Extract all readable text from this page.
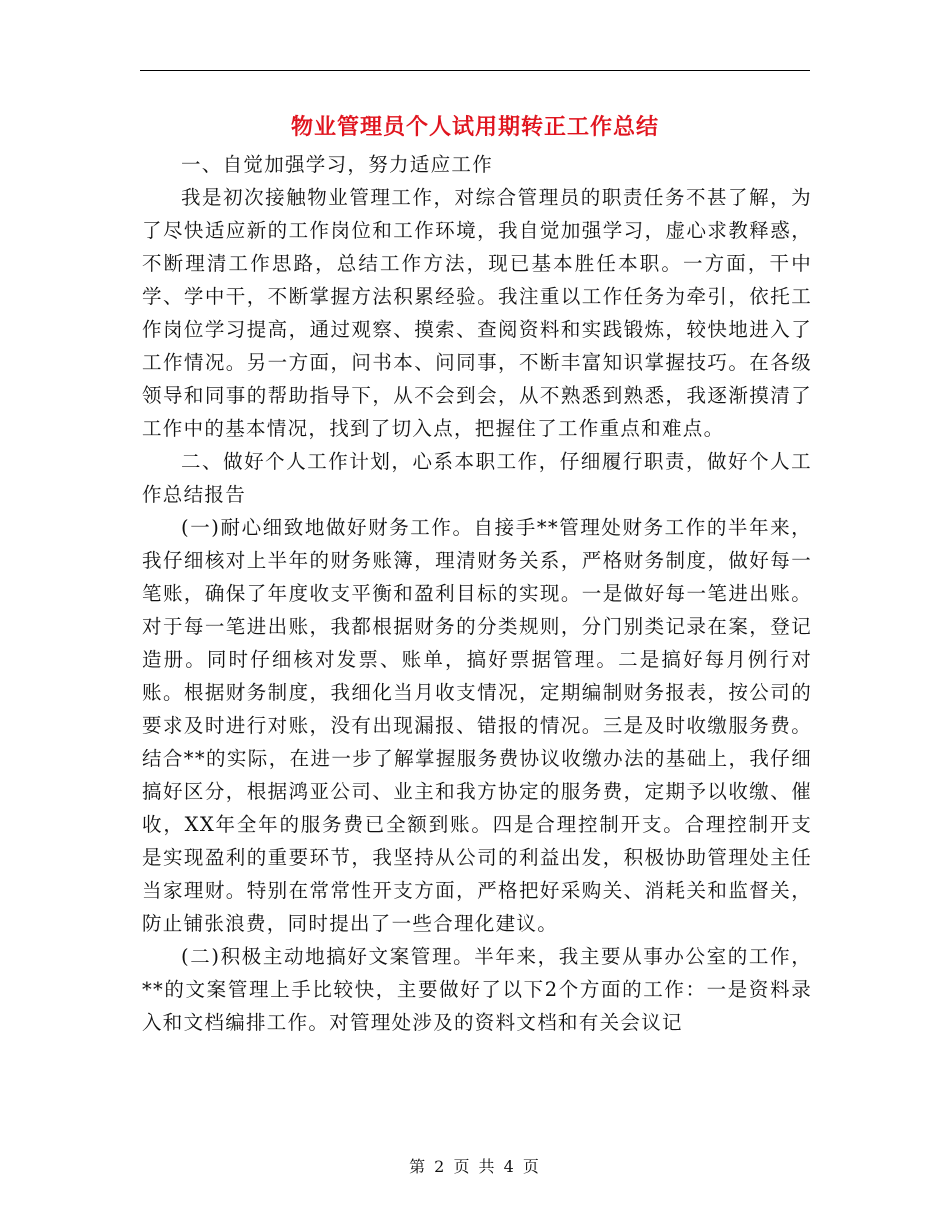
物业管理员个人试用期转正工作总结

一、自觉加强学习，努力适应工作

我是初次接触物业管理工作，对综合管理员的职责任务不甚了解，为了尽快适应新的工作岗位和工作环境，我自觉加强学习，虚心求教释惑，不断理清工作思路，总结工作方法，现已基本胜任本职。一方面，干中学、学中干，不断掌握方法积累经验。我注重以工作任务为牵引，依托工作岗位学习提高，通过观察、摸索、查阅资料和实践锻炼，较快地进入了工作情况。另一方面，问书本、问同事，不断丰富知识掌握技巧。在各级领导和同事的帮助指导下，从不会到会，从不熟悉到熟悉，我逐渐摸清了工作中的基本情况，找到了切入点，把握住了工作重点和难点。

二、做好个人工作计划，心系本职工作，仔细履行职责，做好个人工作总结报告

(一)耐心细致地做好财务工作。自接手**管理处财务工作的半年来，我仔细核对上半年的财务账簿，理清财务关系，严格财务制度，做好每一笔账，确保了年度收支平衡和盈利目标的实现。一是做好每一笔进出账。对于每一笔进出账，我都根据财务的分类规则，分门别类记录在案，登记造册。同时仔细核对发票、账单，搞好票据管理。二是搞好每月例行对账。根据财务制度，我细化当月收支情况，定期编制财务报表，按公司的要求及时进行对账，没有出现漏报、错报的情况。三是及时收缴服务费。结合**的实际，在进一步了解掌握服务费协议收缴办法的基础上，我仔细搞好区分，根据鸿亚公司、业主和我方协定的服务费，定期予以收缴、催收，XX年全年的服务费已全额到账。四是合理控制开支。合理控制开支是实现盈利的重要环节，我坚持从公司的利益出发，积极协助管理处主任当家理财。特别在常常性开支方面，严格把好采购关、消耗关和监督关，防止铺张浪费，同时提出了一些合理化建议。

(二)积极主动地搞好文案管理。半年来，我主要从事办公室的工作，**的文案管理上手比较快，主要做好了以下2个方面的工作：一是资料录入和文档编排工作。对管理处涉及的资料文档和有关会议记

第 2 页 共 4 页
